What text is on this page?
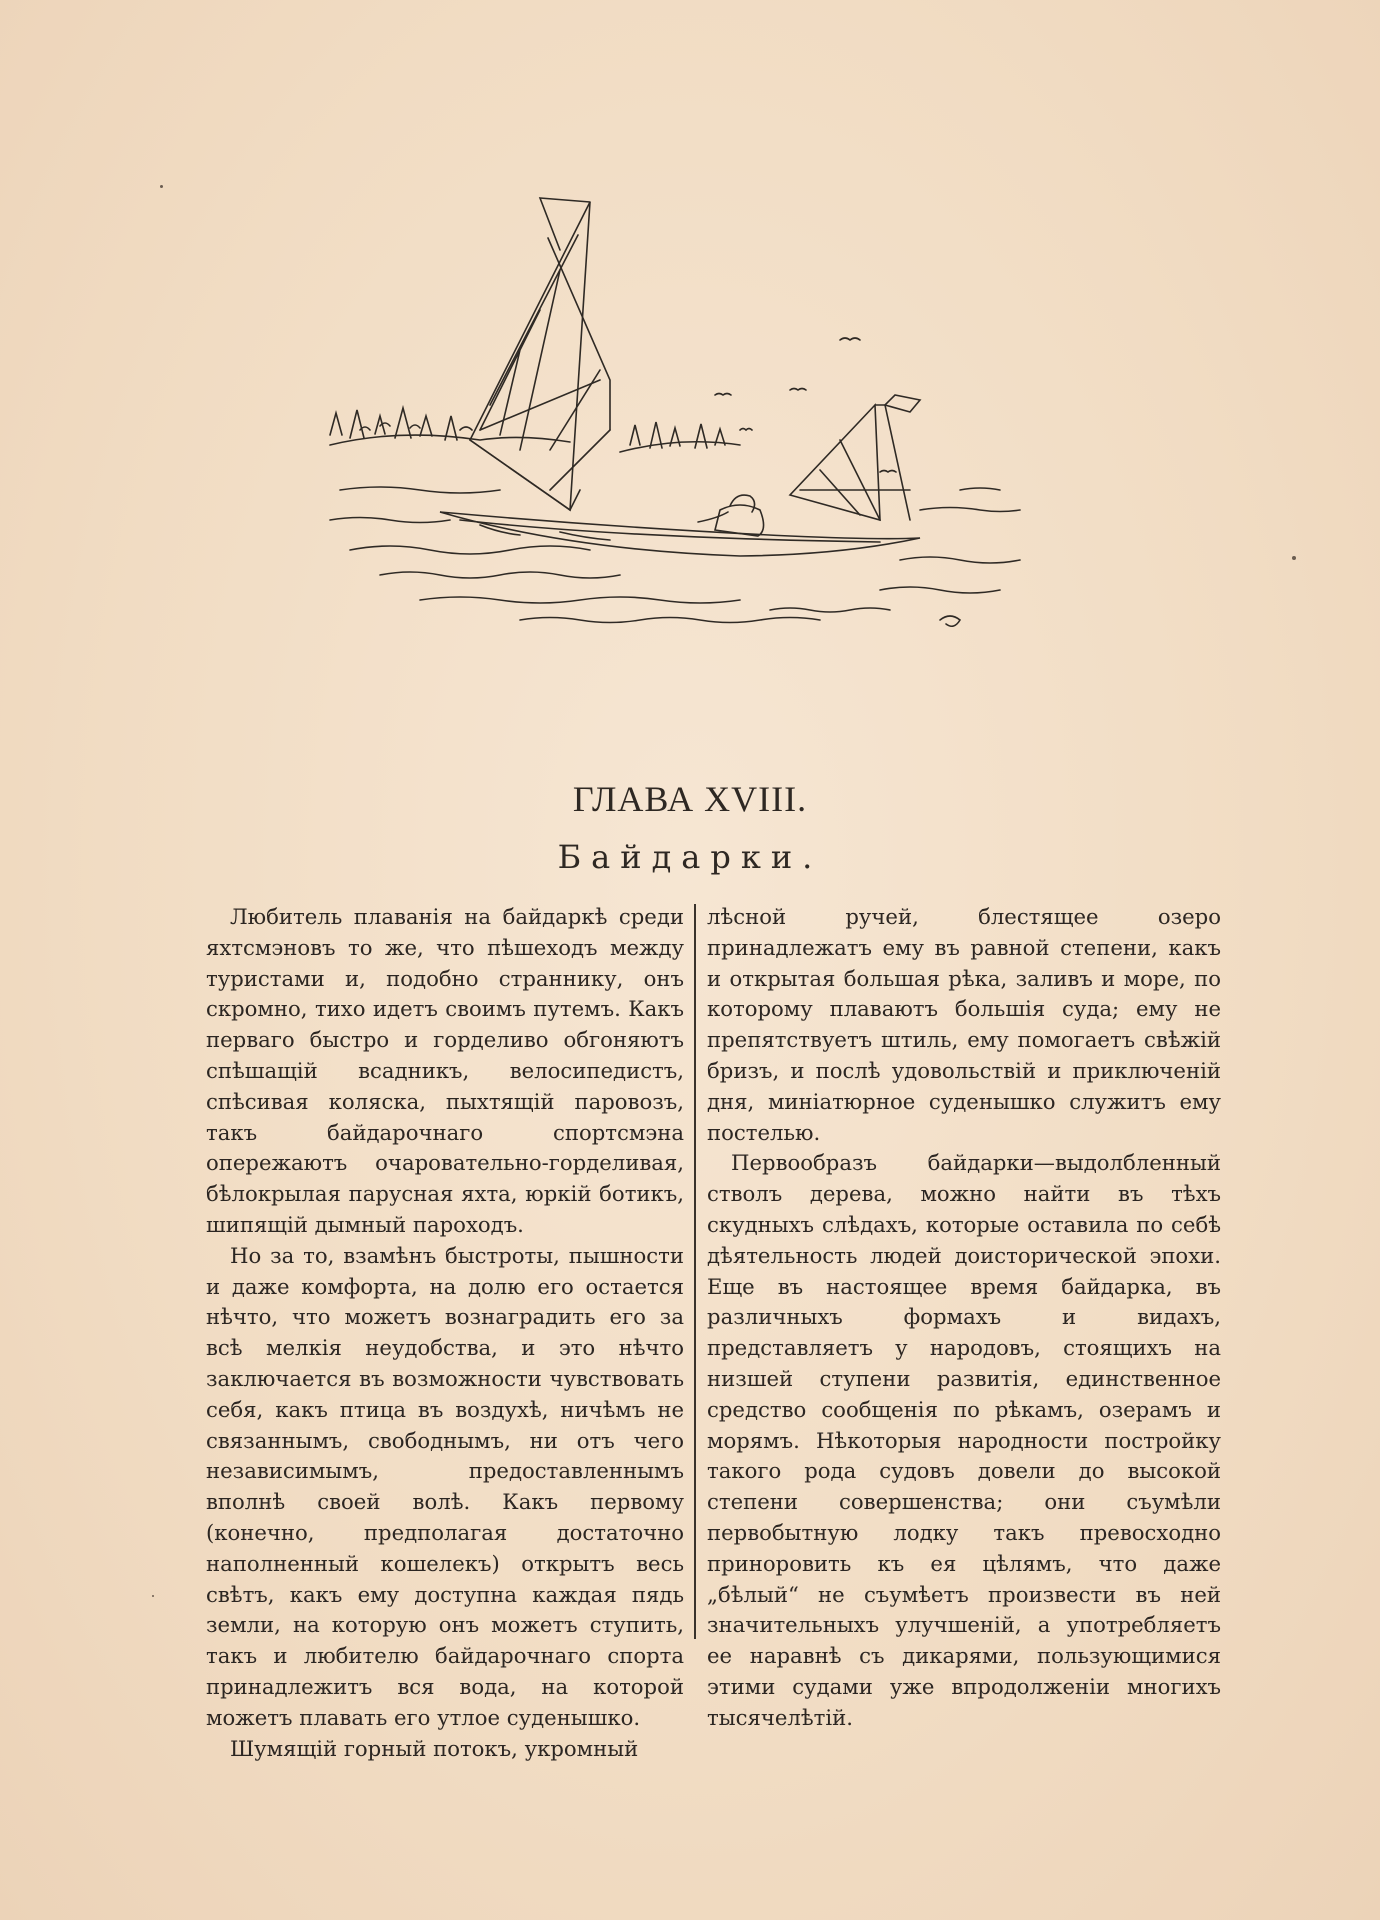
ГЛАВА XVIII.
Байдарки.

Любитель плаванія на байдаркѣ среди яхтсмэновъ то же, что пѣшеходъ между туристами и, подобно страннику, онъ скромно, тихо идетъ своимъ путемъ. Какъ перваго быстро и горделиво обгоняютъ спѣшащій всадникъ, велосипедистъ, спѣсивая коляска, пыхтящій паровозъ, такъ байдарочнаго спортсмэна опережаютъ очаровательно-горделивая, бѣлокрылая парусная яхта, юркій ботикъ, шипящій дымный пароходъ.

Но за то, взамѣнъ быстроты, пышности и даже комфорта, на долю его остается нѣчто, что можетъ вознаградить его за всѣ мелкія неудобства, и это нѣчто заключается въ возможности чувствовать себя, какъ птица въ воздухѣ, ничѣмъ не связаннымъ, свободнымъ, ни отъ чего независимымъ, предоставленнымъ вполнѣ своей волѣ. Какъ первому (конечно, предполагая достаточно наполненный кошелекъ) открытъ весь свѣтъ, какъ ему доступна каждая пядь земли, на которую онъ можетъ ступить, такъ и любителю байдарочнаго спорта принадлежитъ вся вода, на которой можетъ плавать его утлое суденышко.

Шумящій горный потокъ, укромный

лѣсной ручей, блестящее озеро принадлежатъ ему въ равной степени, какъ и открытая большая рѣка, заливъ и море, по которому плаваютъ большія суда; ему не препятствуетъ штиль, ему помогаетъ свѣжій бризъ, и послѣ удовольствій и приключеній дня, миніатюрное суденышко служитъ ему постелью.

Первообразъ байдарки—выдолбленный стволъ дерева, можно найти въ тѣхъ скудныхъ слѣдахъ, которые оставила по себѣ дѣятельность людей доисторической эпохи. Еще въ настоящее время байдарка, въ различныхъ формахъ и видахъ, представляетъ у народовъ, стоящихъ на низшей ступени развитія, единственное средство сообщенія по рѣкамъ, озерамъ и морямъ. Нѣкоторыя народности постройку такого рода судовъ довели до высокой степени совершенства; они съумѣли первобытную лодку такъ превосходно приноровить къ ея цѣлямъ, что даже „бѣлый“ не съумѣетъ произвести въ ней значительныхъ улучшеній, а употребляетъ ее наравнѣ съ дикарями, пользующимися этими судами уже впродолженіи многихъ тысячелѣтій.
